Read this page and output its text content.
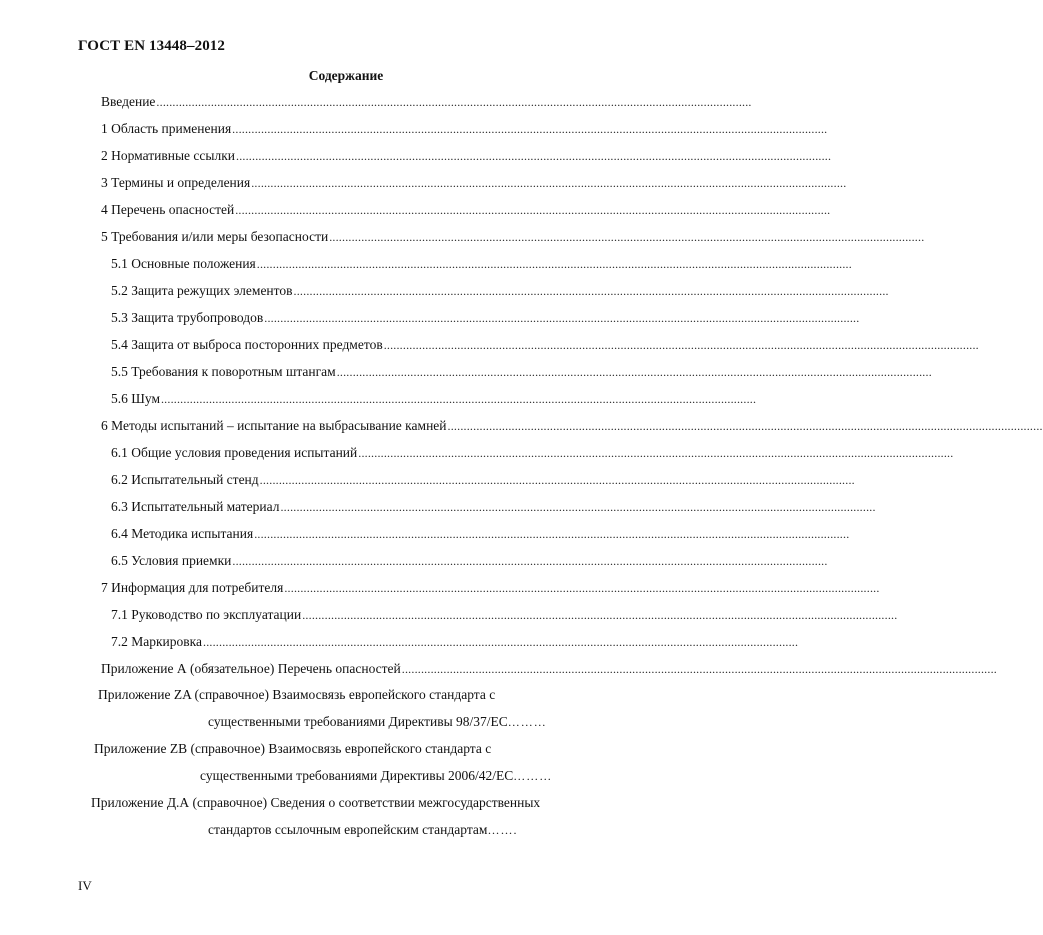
ГОСТ EN 13448–2012
Содержание
Введение ..........................................................................................................................................................................................
1 Область применения ..........................................................................................................................................................................................
2 Нормативные ссылки ..........................................................................................................................................................................................
3 Термины и определения ..........................................................................................................................................................................................
4 Перечень опасностей ..........................................................................................................................................................................................
5 Требования и/или меры безопасности ..........................................................................................................................................................................................
5.1 Основные положения ..........................................................................................................................................................................................
5.2 Защита режущих элементов ..........................................................................................................................................................................................
5.3 Защита трубопроводов ..........................................................................................................................................................................................
5.4 Защита от выброса посторонних предметов ..........................................................................................................................................................................................
5.5 Требования к поворотным штангам ..........................................................................................................................................................................................
5.6 Шум ..........................................................................................................................................................................................
6 Методы испытаний – испытание на выбрасывание камней ..........................................................................................................................................................................................
6.1 Общие условия проведения испытаний ..........................................................................................................................................................................................
6.2 Испытательный стенд ..........................................................................................................................................................................................
6.3 Испытательный материал ..........................................................................................................................................................................................
6.4 Методика испытания ..........................................................................................................................................................................................
6.5 Условия приемки ..........................................................................................................................................................................................
7 Информация для потребителя ..........................................................................................................................................................................................
7.1 Руководство по эксплуатации ..........................................................................................................................................................................................
7.2 Маркировка ..........................................................................................................................................................................................
Приложение А (обязательное) Перечень опасностей ..........................................................................................................................................................................................
Приложение ZA (справочное) Взаимосвязь европейского стандарта с
существенными требованиями Директивы 98/37/ЕС………
Приложение ZB (справочное) Взаимосвязь европейского стандарта с
существенными требованиями Директивы 2006/42/ЕС………
Приложение Д.А (справочное) Сведения о соответствии межгосударственных
стандартов ссылочным европейским стандартам…….
IV
